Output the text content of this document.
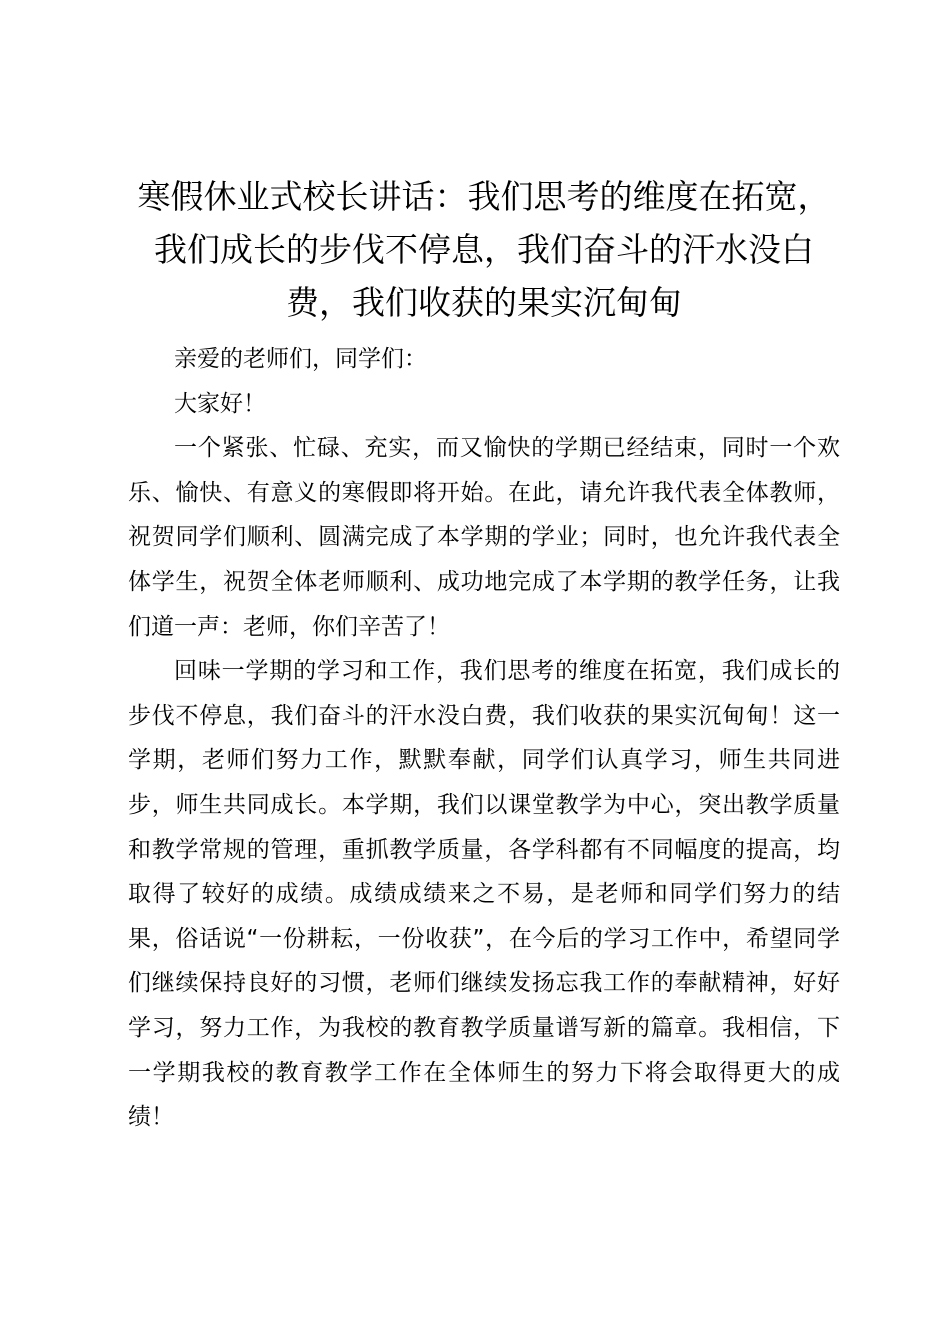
寒假休业式校长讲话：我们思考的维度在拓宽，
我们成长的步伐不停息，我们奋斗的汗水没白
费，我们收获的果实沉甸甸

亲爱的老师们，同学们：

大家好！

一个紧张、忙碌、充实，而又愉快的学期已经结束，同时一个欢乐、愉快、有意义的寒假即将开始。在此，请允许我代表全体教师，祝贺同学们顺利、圆满完成了本学期的学业；同时，也允许我代表全体学生，祝贺全体老师顺利、成功地完成了本学期的教学任务，让我们道一声：老师，你们辛苦了！

回味一学期的学习和工作，我们思考的维度在拓宽，我们成长的步伐不停息，我们奋斗的汗水没白费，我们收获的果实沉甸甸！这一学期，老师们努力工作，默默奉献，同学们认真学习，师生共同进步，师生共同成长。本学期，我们以课堂教学为中心，突出教学质量和教学常规的管理，重抓教学质量，各学科都有不同幅度的提高，均取得了较好的成绩。成绩成绩来之不易，是老师和同学们努力的结果，俗话说“一份耕耘，一份收获”，在今后的学习工作中，希望同学们继续保持良好的习惯，老师们继续发扬忘我工作的奉献精神，好好学习，努力工作，为我校的教育教学质量谱写新的篇章。我相信，下一学期我校的教育教学工作在全体师生的努力下将会取得更大的成绩！
